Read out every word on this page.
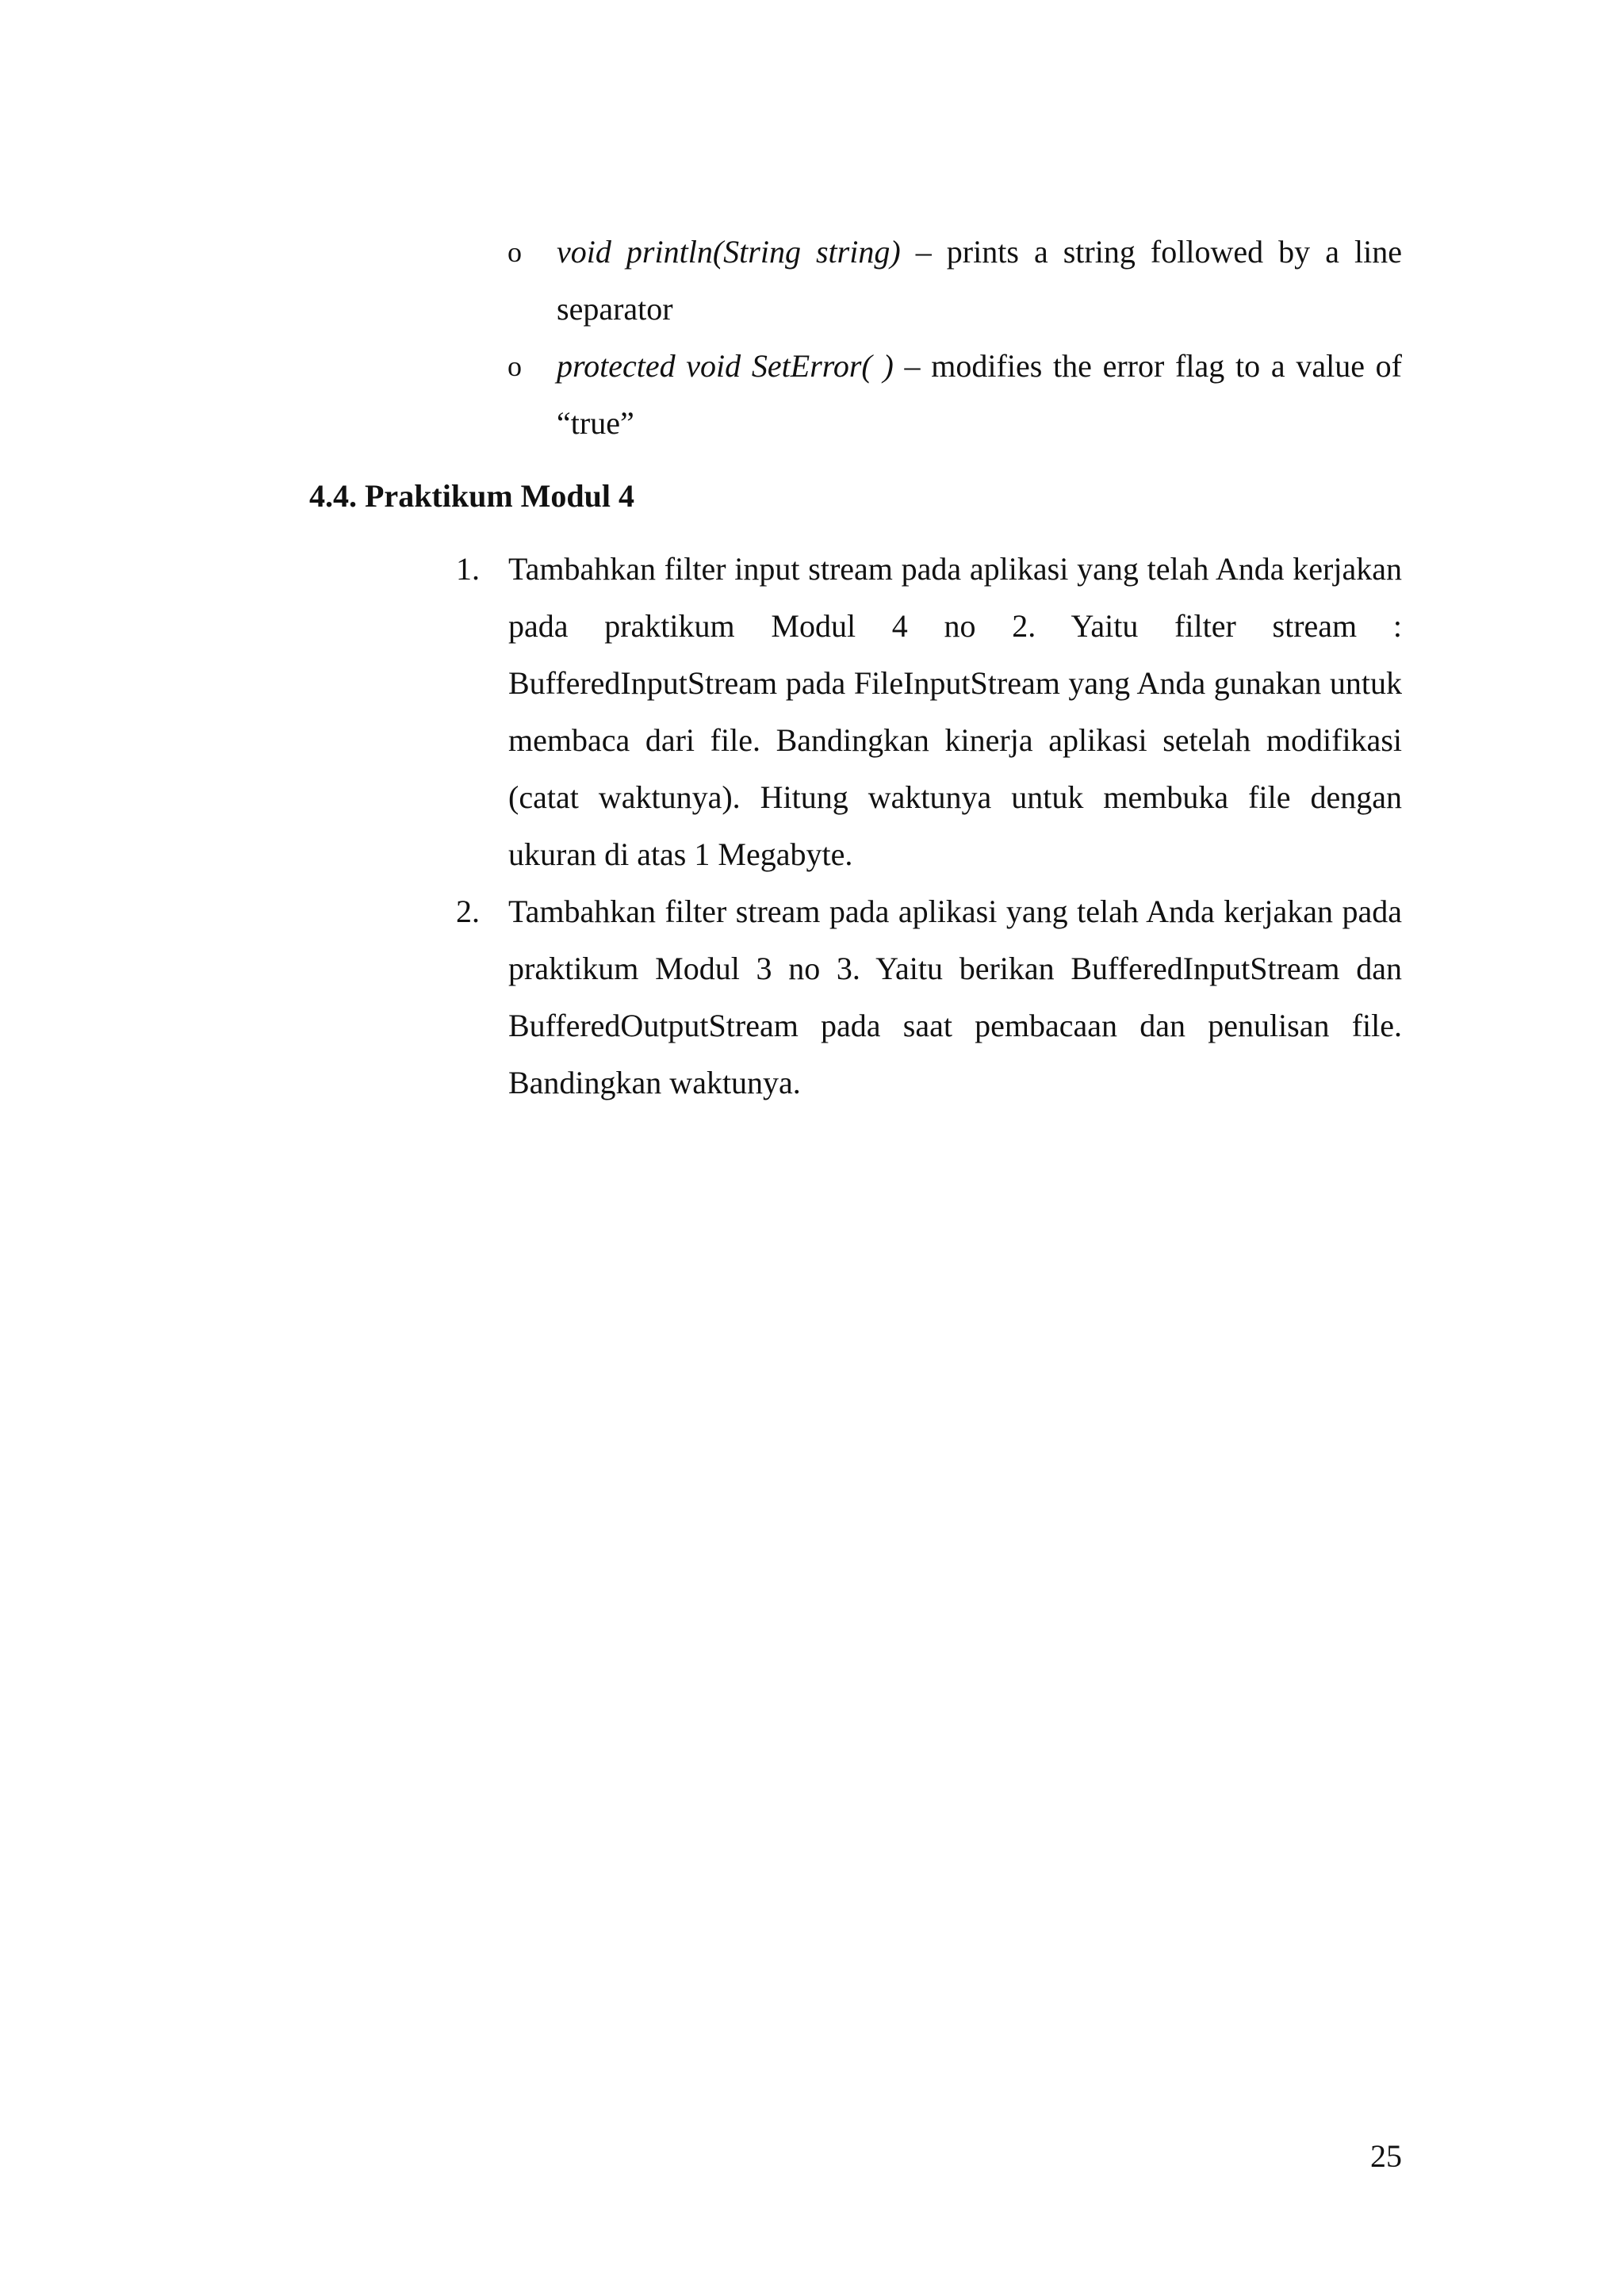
o void println(String string) – prints a string followed by a line separator
o protected void SetError( ) – modifies the error flag to a value of “true”
4.4. Praktikum Modul 4
1. Tambahkan filter input stream pada aplikasi yang telah Anda kerjakan pada praktikum Modul 4 no 2. Yaitu filter stream : BufferedInputStream pada FileInputStream yang Anda gunakan untuk membaca dari file. Bandingkan kinerja aplikasi setelah modifikasi (catat waktunya). Hitung waktunya untuk membuka file dengan ukuran di atas 1 Megabyte.
2. Tambahkan filter stream pada aplikasi yang telah Anda kerjakan pada praktikum Modul 3 no 3. Yaitu berikan BufferedInputStream dan BufferedOutputStream pada saat pembacaan dan penulisan file. Bandingkan waktunya.
25
